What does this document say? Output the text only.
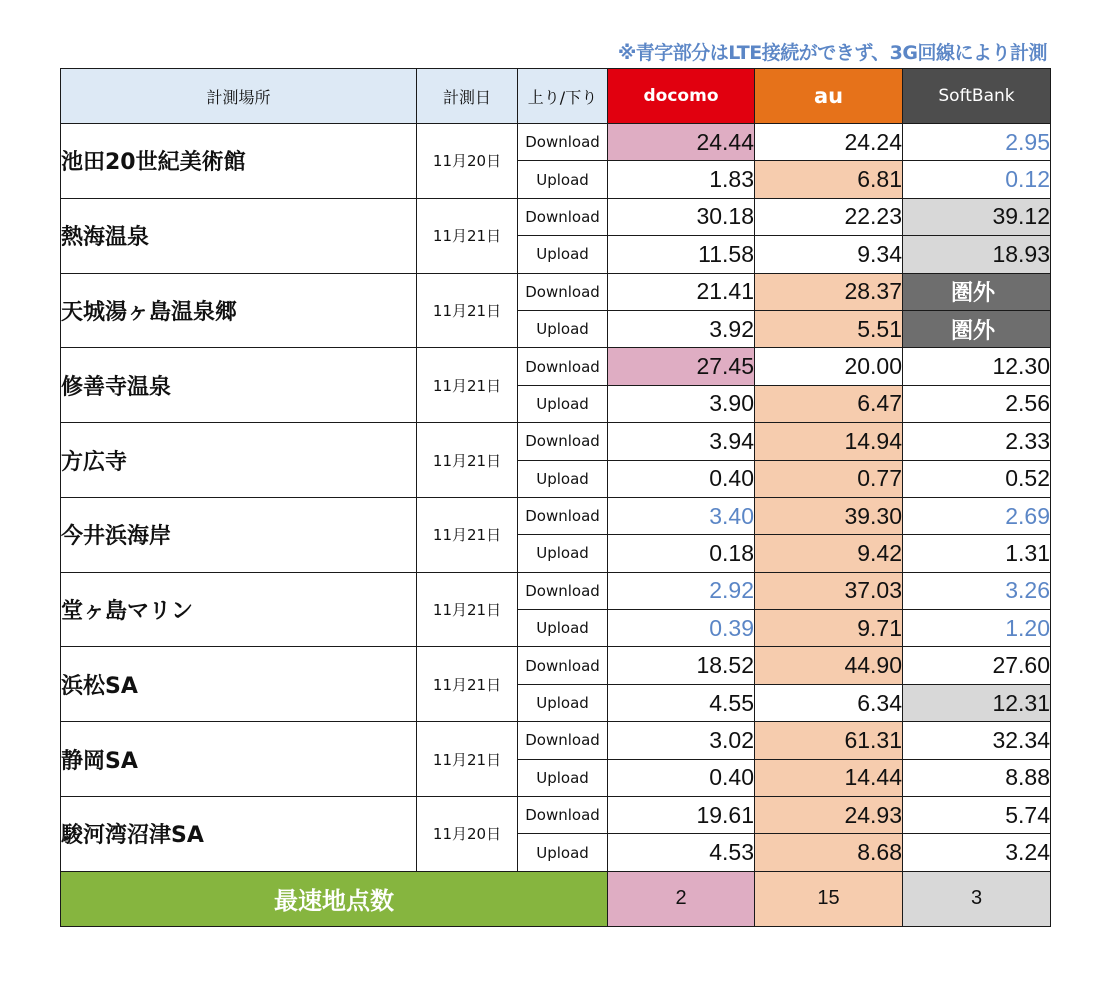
※青字部分はLTE接続ができず、3G回線により計測
計測場所	計測日	上り/下り	docomo	au	SoftBank
池田20世紀美術館	11月20日	Download	24.44	24.24	2.95
		Upload	1.83	6.81	0.12
熱海温泉	11月21日	Download	30.18	22.23	39.12
		Upload	11.58	9.34	18.93
天城湯ヶ島温泉郷	11月21日	Download	21.41	28.37	圏外
		Upload	3.92	5.51	圏外
修善寺温泉	11月21日	Download	27.45	20.00	12.30
		Upload	3.90	6.47	2.56
方広寺	11月21日	Download	3.94	14.94	2.33
		Upload	0.40	0.77	0.52
今井浜海岸	11月21日	Download	3.40	39.30	2.69
		Upload	0.18	9.42	1.31
堂ヶ島マリン	11月21日	Download	2.92	37.03	3.26
		Upload	0.39	9.71	1.20
浜松SA	11月21日	Download	18.52	44.90	27.60
		Upload	4.55	6.34	12.31
静岡SA	11月21日	Download	3.02	61.31	32.34
		Upload	0.40	14.44	8.88
駿河湾沼津SA	11月20日	Download	19.61	24.93	5.74
		Upload	4.53	8.68	3.24
最速地点数			2	15	3
